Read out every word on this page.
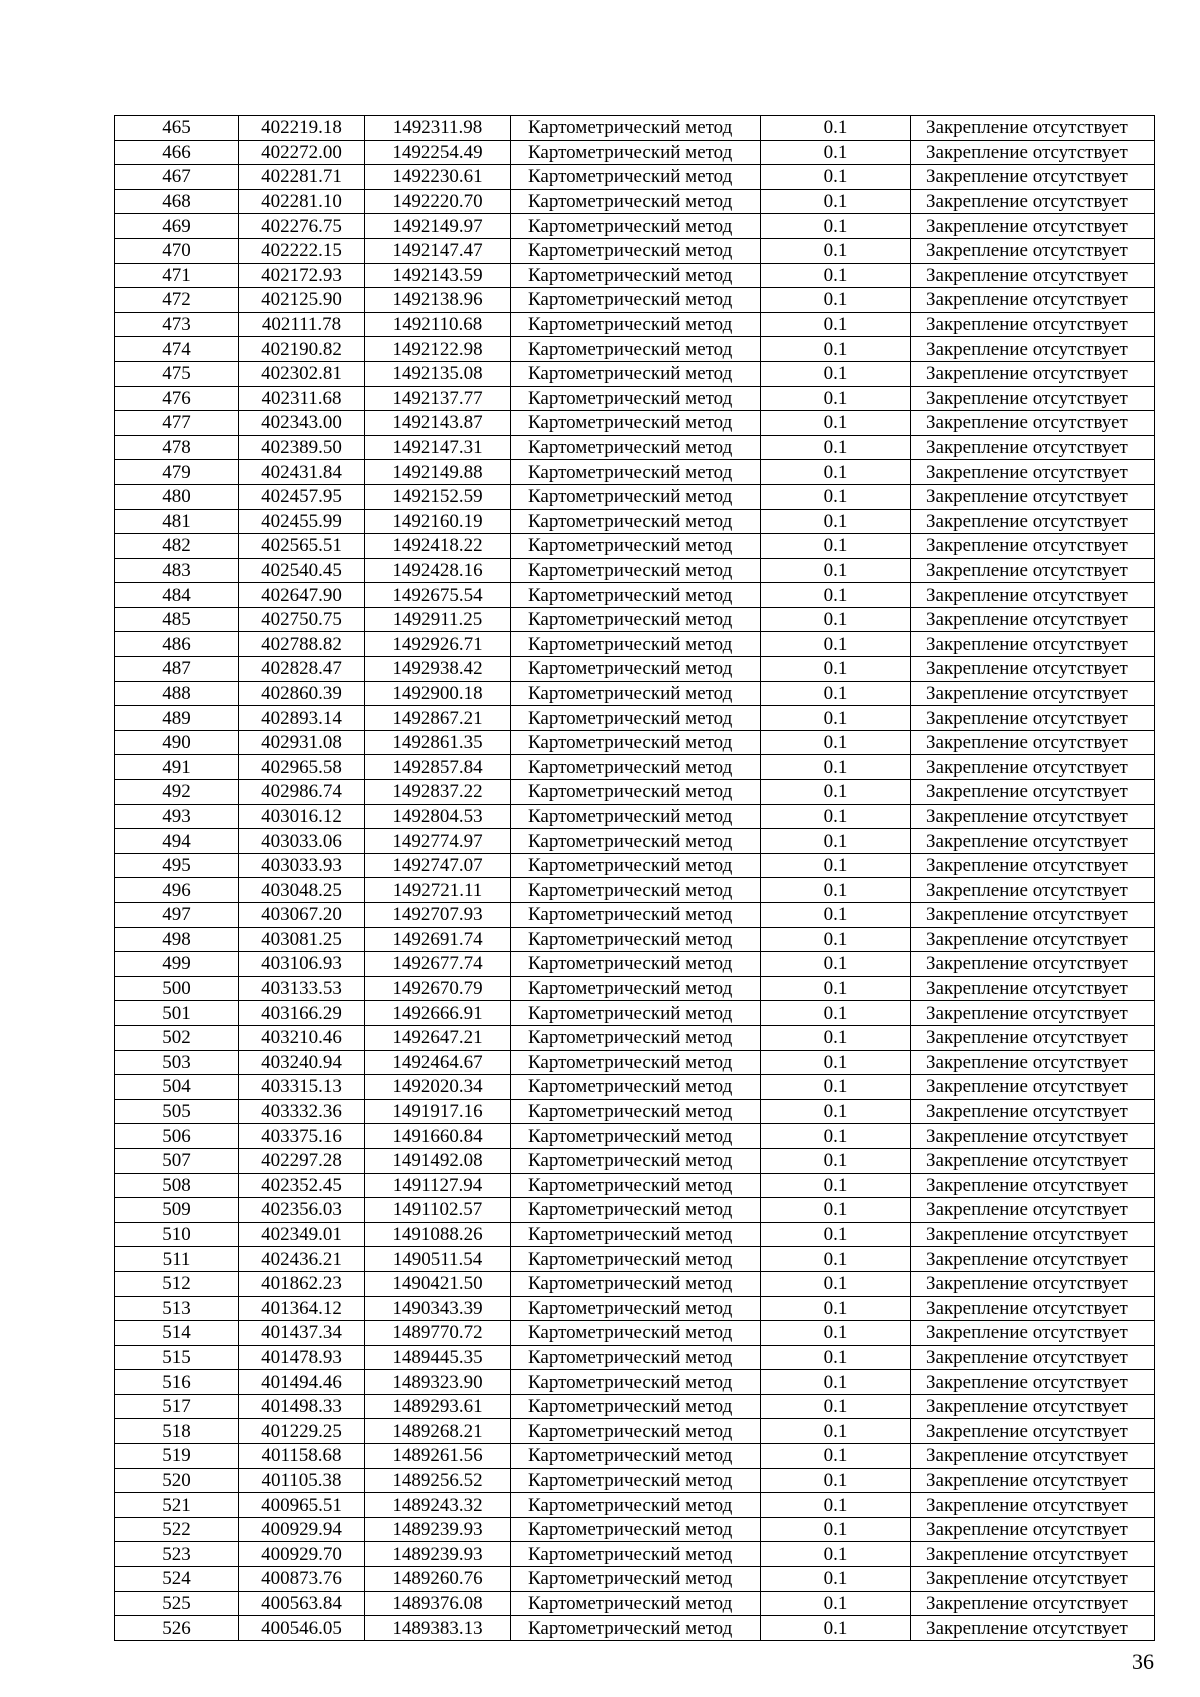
465	402219.18	1492311.98	Картометрический метод	0.1	Закрепление отсутствует
466	402272.00	1492254.49	Картометрический метод	0.1	Закрепление отсутствует
467	402281.71	1492230.61	Картометрический метод	0.1	Закрепление отсутствует
468	402281.10	1492220.70	Картометрический метод	0.1	Закрепление отсутствует
469	402276.75	1492149.97	Картометрический метод	0.1	Закрепление отсутствует
470	402222.15	1492147.47	Картометрический метод	0.1	Закрепление отсутствует
471	402172.93	1492143.59	Картометрический метод	0.1	Закрепление отсутствует
472	402125.90	1492138.96	Картометрический метод	0.1	Закрепление отсутствует
473	402111.78	1492110.68	Картометрический метод	0.1	Закрепление отсутствует
474	402190.82	1492122.98	Картометрический метод	0.1	Закрепление отсутствует
475	402302.81	1492135.08	Картометрический метод	0.1	Закрепление отсутствует
476	402311.68	1492137.77	Картометрический метод	0.1	Закрепление отсутствует
477	402343.00	1492143.87	Картометрический метод	0.1	Закрепление отсутствует
478	402389.50	1492147.31	Картометрический метод	0.1	Закрепление отсутствует
479	402431.84	1492149.88	Картометрический метод	0.1	Закрепление отсутствует
480	402457.95	1492152.59	Картометрический метод	0.1	Закрепление отсутствует
481	402455.99	1492160.19	Картометрический метод	0.1	Закрепление отсутствует
482	402565.51	1492418.22	Картометрический метод	0.1	Закрепление отсутствует
483	402540.45	1492428.16	Картометрический метод	0.1	Закрепление отсутствует
484	402647.90	1492675.54	Картометрический метод	0.1	Закрепление отсутствует
485	402750.75	1492911.25	Картометрический метод	0.1	Закрепление отсутствует
486	402788.82	1492926.71	Картометрический метод	0.1	Закрепление отсутствует
487	402828.47	1492938.42	Картометрический метод	0.1	Закрепление отсутствует
488	402860.39	1492900.18	Картометрический метод	0.1	Закрепление отсутствует
489	402893.14	1492867.21	Картометрический метод	0.1	Закрепление отсутствует
490	402931.08	1492861.35	Картометрический метод	0.1	Закрепление отсутствует
491	402965.58	1492857.84	Картометрический метод	0.1	Закрепление отсутствует
492	402986.74	1492837.22	Картометрический метод	0.1	Закрепление отсутствует
493	403016.12	1492804.53	Картометрический метод	0.1	Закрепление отсутствует
494	403033.06	1492774.97	Картометрический метод	0.1	Закрепление отсутствует
495	403033.93	1492747.07	Картометрический метод	0.1	Закрепление отсутствует
496	403048.25	1492721.11	Картометрический метод	0.1	Закрепление отсутствует
497	403067.20	1492707.93	Картометрический метод	0.1	Закрепление отсутствует
498	403081.25	1492691.74	Картометрический метод	0.1	Закрепление отсутствует
499	403106.93	1492677.74	Картометрический метод	0.1	Закрепление отсутствует
500	403133.53	1492670.79	Картометрический метод	0.1	Закрепление отсутствует
501	403166.29	1492666.91	Картометрический метод	0.1	Закрепление отсутствует
502	403210.46	1492647.21	Картометрический метод	0.1	Закрепление отсутствует
503	403240.94	1492464.67	Картометрический метод	0.1	Закрепление отсутствует
504	403315.13	1492020.34	Картометрический метод	0.1	Закрепление отсутствует
505	403332.36	1491917.16	Картометрический метод	0.1	Закрепление отсутствует
506	403375.16	1491660.84	Картометрический метод	0.1	Закрепление отсутствует
507	402297.28	1491492.08	Картометрический метод	0.1	Закрепление отсутствует
508	402352.45	1491127.94	Картометрический метод	0.1	Закрепление отсутствует
509	402356.03	1491102.57	Картометрический метод	0.1	Закрепление отсутствует
510	402349.01	1491088.26	Картометрический метод	0.1	Закрепление отсутствует
511	402436.21	1490511.54	Картометрический метод	0.1	Закрепление отсутствует
512	401862.23	1490421.50	Картометрический метод	0.1	Закрепление отсутствует
513	401364.12	1490343.39	Картометрический метод	0.1	Закрепление отсутствует
514	401437.34	1489770.72	Картометрический метод	0.1	Закрепление отсутствует
515	401478.93	1489445.35	Картометрический метод	0.1	Закрепление отсутствует
516	401494.46	1489323.90	Картометрический метод	0.1	Закрепление отсутствует
517	401498.33	1489293.61	Картометрический метод	0.1	Закрепление отсутствует
518	401229.25	1489268.21	Картометрический метод	0.1	Закрепление отсутствует
519	401158.68	1489261.56	Картометрический метод	0.1	Закрепление отсутствует
520	401105.38	1489256.52	Картометрический метод	0.1	Закрепление отсутствует
521	400965.51	1489243.32	Картометрический метод	0.1	Закрепление отсутствует
522	400929.94	1489239.93	Картометрический метод	0.1	Закрепление отсутствует
523	400929.70	1489239.93	Картометрический метод	0.1	Закрепление отсутствует
524	400873.76	1489260.76	Картометрический метод	0.1	Закрепление отсутствует
525	400563.84	1489376.08	Картометрический метод	0.1	Закрепление отсутствует
526	400546.05	1489383.13	Картометрический метод	0.1	Закрепление отсутствует
36
